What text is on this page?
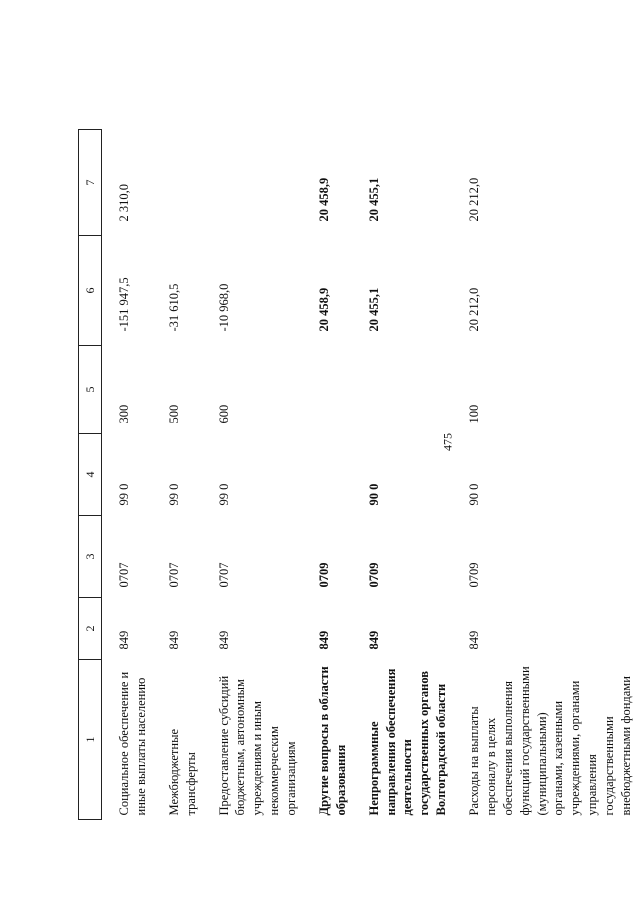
475
1	2	3	4	5	6	7
Социальное обеспечение и иные выплаты населению	849	0707	99 0	300	-151 947,5	2 310,0
Межбюджетные трансферты	849	0707	99 0	500	-31 610,5	
Предоставление субсидий бюджетным, автономным учреждениям и иным некоммерческим организациям	849	0707	99 0	600	-10 968,0	
Другие вопросы в области образования	849	0709			20 458,9	20 458,9
Непрограммные направления обеспечения деятельности государственных органов Волгоградской области	849	0709	90 0		20 455,1	20 455,1
Расходы на выплаты персоналу в целях обеспечения выполнения функций государственными (муниципальными) органами, казенными учреждениями, органами управления государственными внебюджетными фондами	849	0709	90 0	100	20 212,0	20 212,0
